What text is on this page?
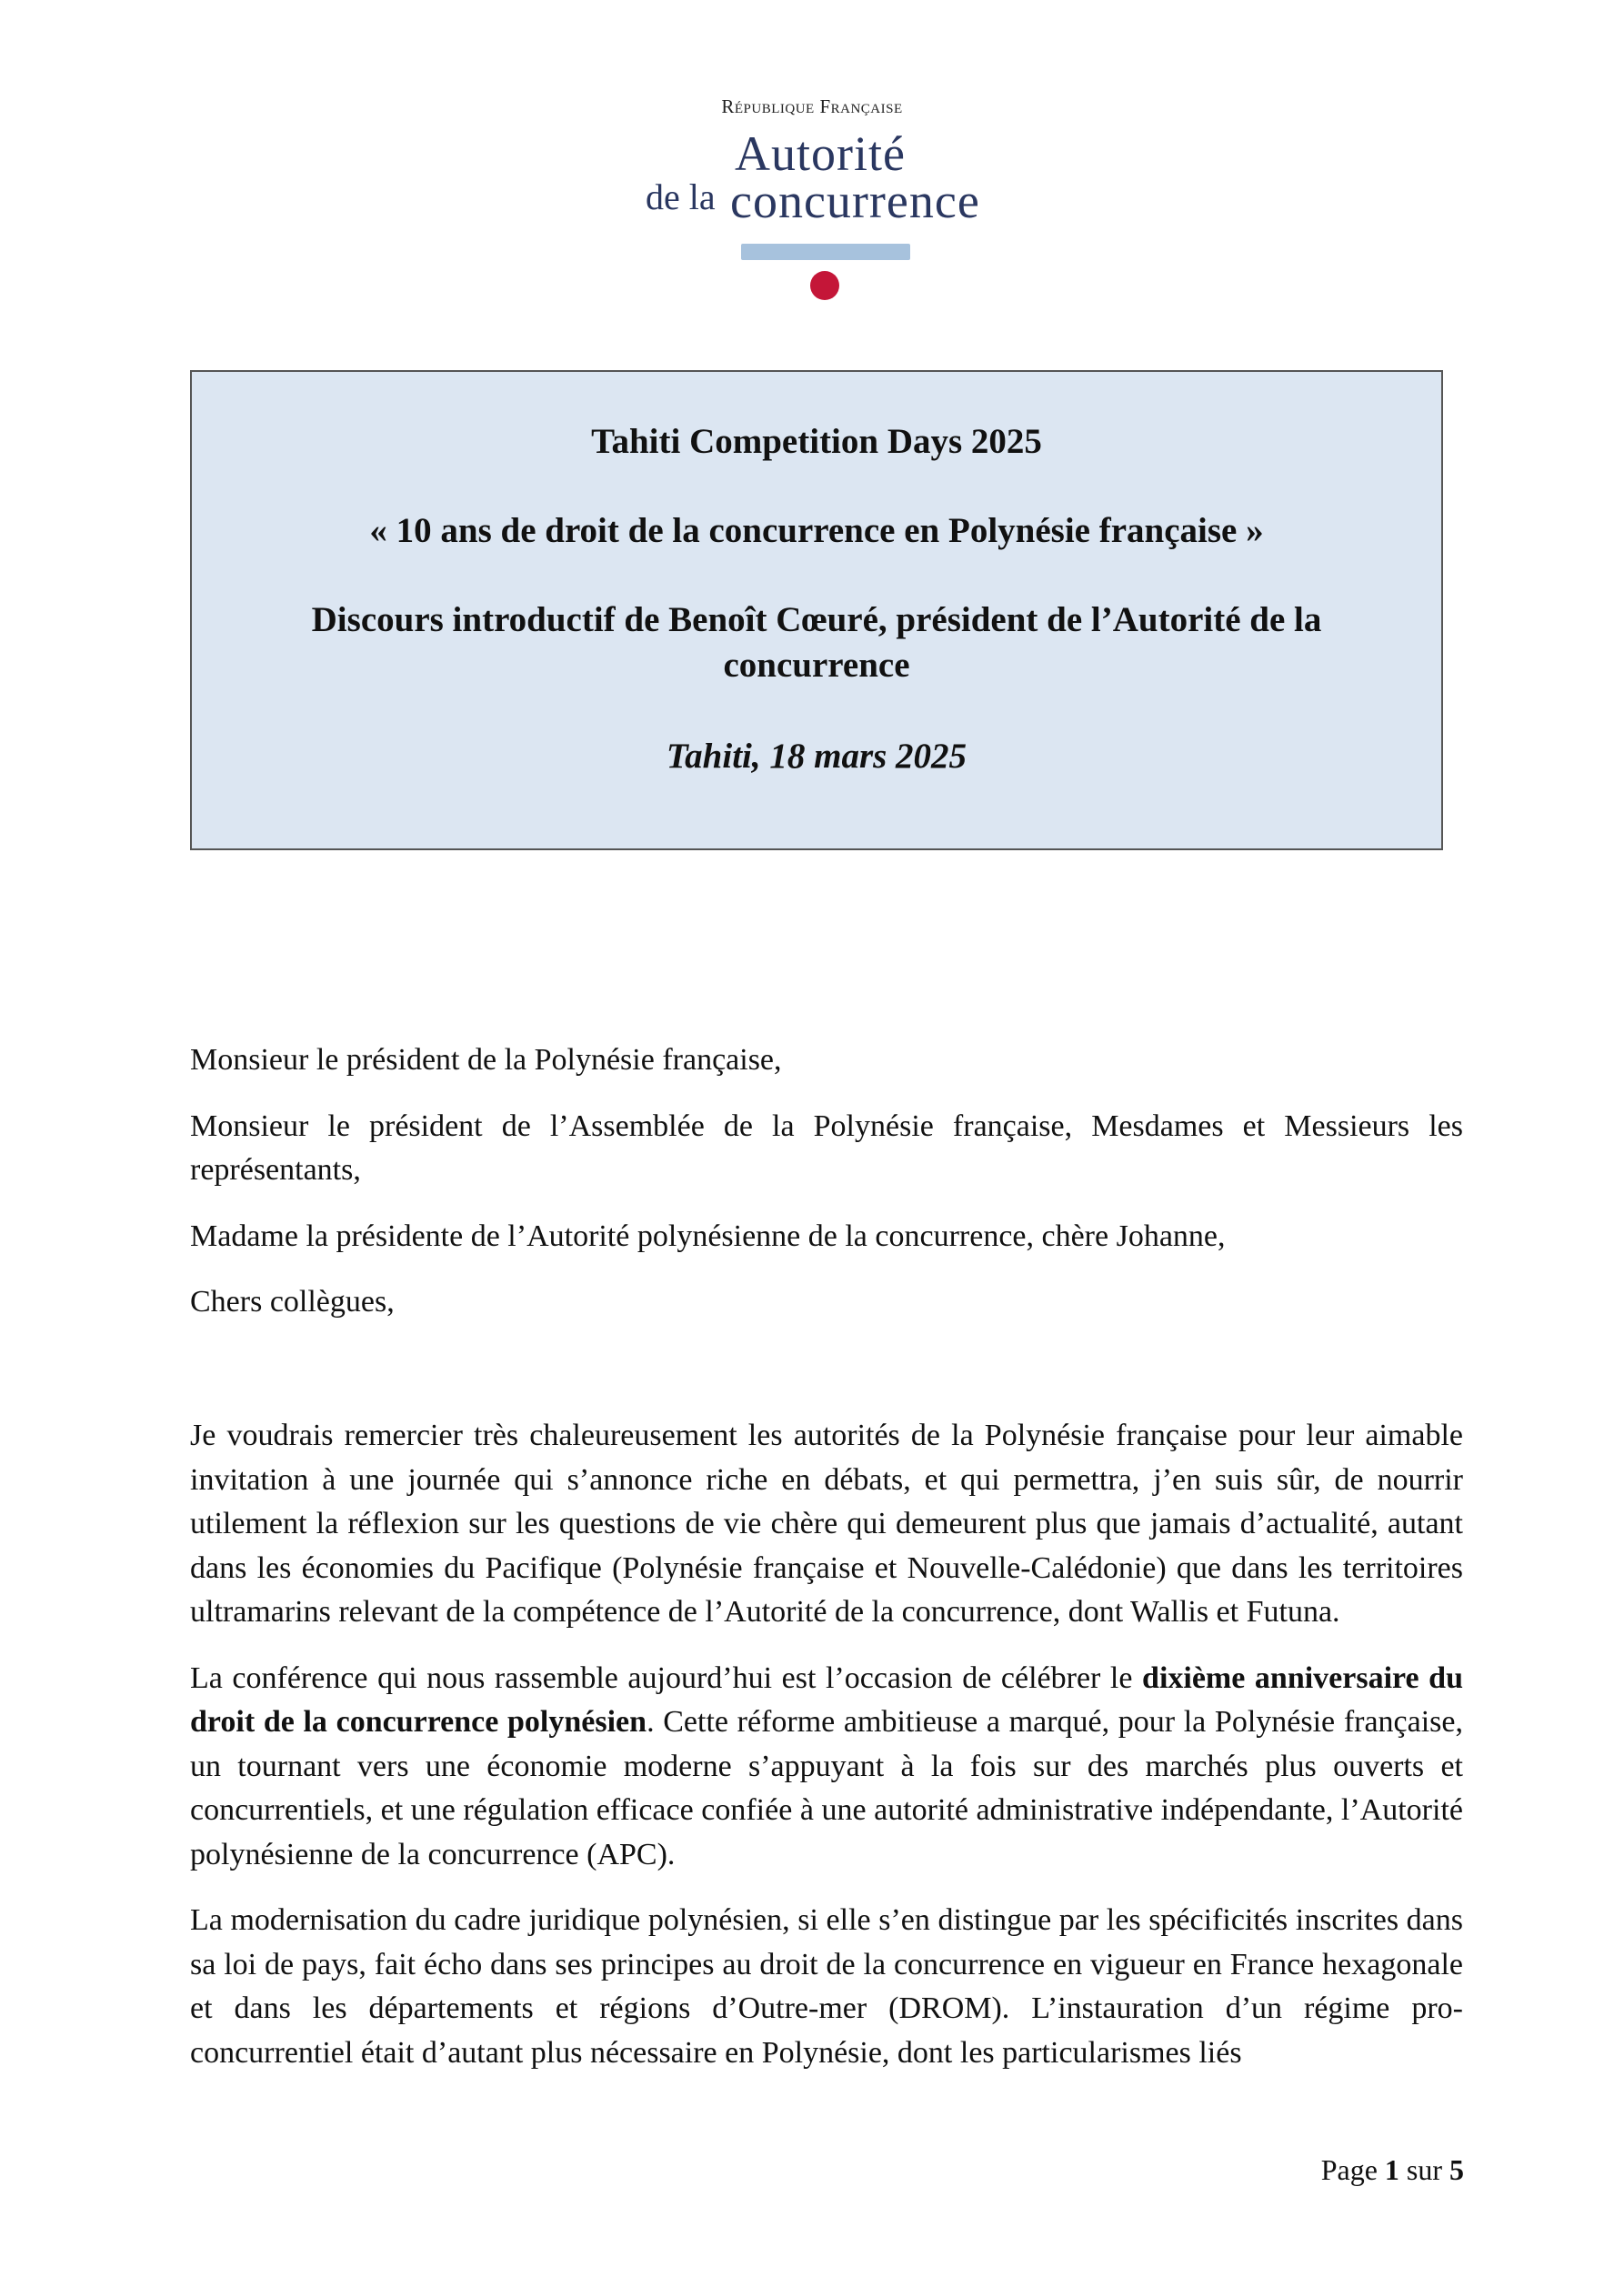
République Française
Autorité
de la concurrence
Tahiti Competition Days 2025
« 10 ans de droit de la concurrence en Polynésie française »
Discours introductif de Benoît Cœuré, président de l’Autorité de la concurrence
Tahiti, 18 mars 2025

Monsieur le président de la Polynésie française,

Monsieur le président de l’Assemblée de la Polynésie française, Mesdames et Messieurs les représentants,

Madame la présidente de l’Autorité polynésienne de la concurrence, chère Johanne,

Chers collègues,

Je voudrais remercier très chaleureusement les autorités de la Polynésie française pour leur aimable invitation à une journée qui s’annonce riche en débats, et qui permettra, j’en suis sûr, de nourrir utilement la réflexion sur les questions de vie chère qui demeurent plus que jamais d’actualité, autant dans les économies du Pacifique (Polynésie française et Nouvelle-Calédonie) que dans les territoires ultramarins relevant de la compétence de l’Autorité de la concurrence, dont Wallis et Futuna.

La conférence qui nous rassemble aujourd’hui est l’occasion de célébrer le dixième anniversaire du droit de la concurrence polynésien. Cette réforme ambitieuse a marqué, pour la Polynésie française, un tournant vers une économie moderne s’appuyant à la fois sur des marchés plus ouverts et concurrentiels, et une régulation efficace confiée à une autorité administrative indépendante, l’Autorité polynésienne de la concurrence (APC).

La modernisation du cadre juridique polynésien, si elle s’en distingue par les spécificités inscrites dans sa loi de pays, fait écho dans ses principes au droit de la concurrence en vigueur en France hexagonale et dans les départements et régions d’Outre-mer (DROM). L’instauration d’un régime pro-concurrentiel était d’autant plus nécessaire en Polynésie, dont les particularismes liés

Page 1 sur 5
